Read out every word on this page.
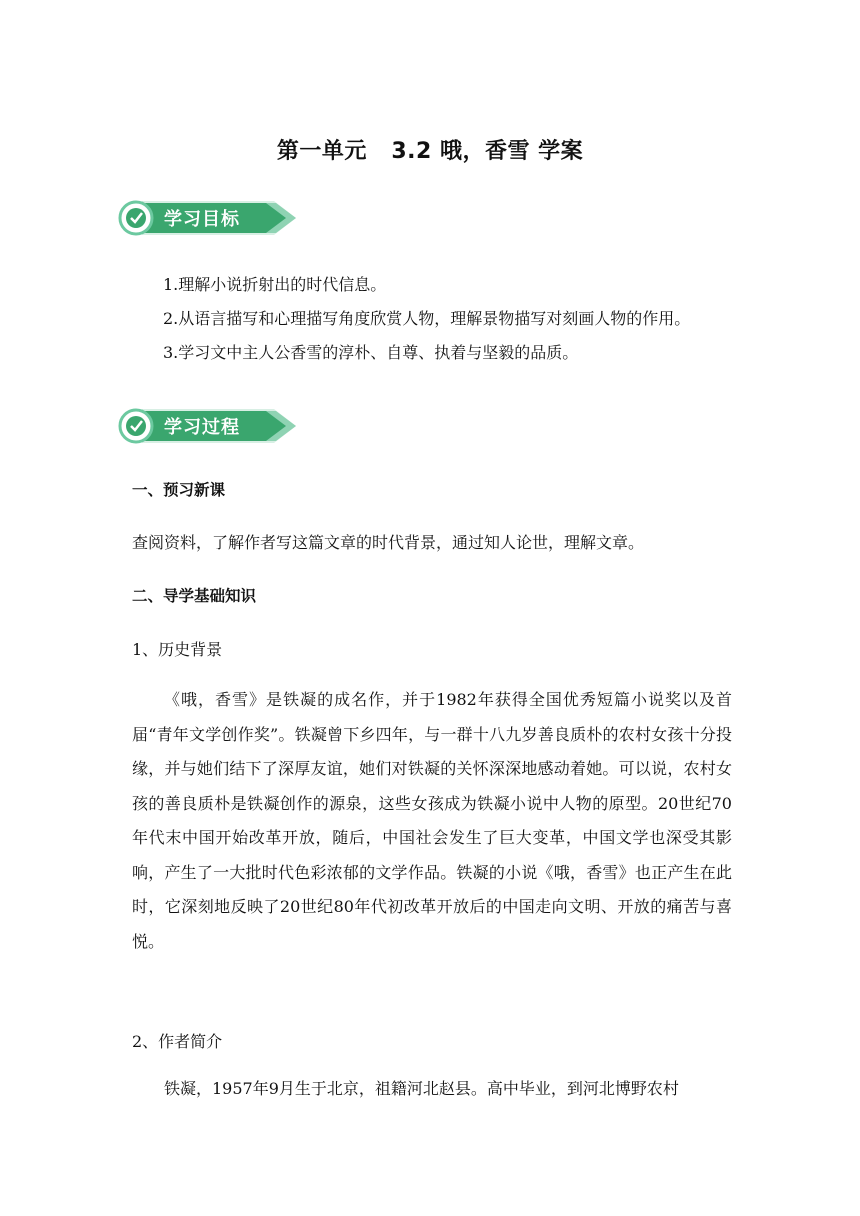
第一单元   3.2 哦，香雪 学案
学习目标
1.理解小说折射出的时代信息。
2.从语言描写和心理描写角度欣赏人物，理解景物描写对刻画人物的作用。
3.学习文中主人公香雪的淳朴、自尊、执着与坚毅的品质。
学习过程
一、预习新课
查阅资料，了解作者写这篇文章的时代背景，通过知人论世，理解文章。
二、导学基础知识
1、历史背景
《哦，香雪》是铁凝的成名作，并于1982年获得全国优秀短篇小说奖以及首届“青年文学创作奖”。铁凝曾下乡四年，与一群十八九岁善良质朴的农村女孩十分投缘，并与她们结下了深厚友谊，她们对铁凝的关怀深深地感动着她。可以说，农村女孩的善良质朴是铁凝创作的源泉，这些女孩成为铁凝小说中人物的原型。20世纪70年代末中国开始改革开放，随后，中国社会发生了巨大变革，中国文学也深受其影响，产生了一大批时代色彩浓郁的文学作品。铁凝的小说《哦，香雪》也正产生在此时，它深刻地反映了20世纪80年代初改革开放后的中国走向文明、开放的痛苦与喜悦。
2、作者简介
铁凝，1957年9月生于北京，祖籍河北赵县。高中毕业，到河北博野农村
